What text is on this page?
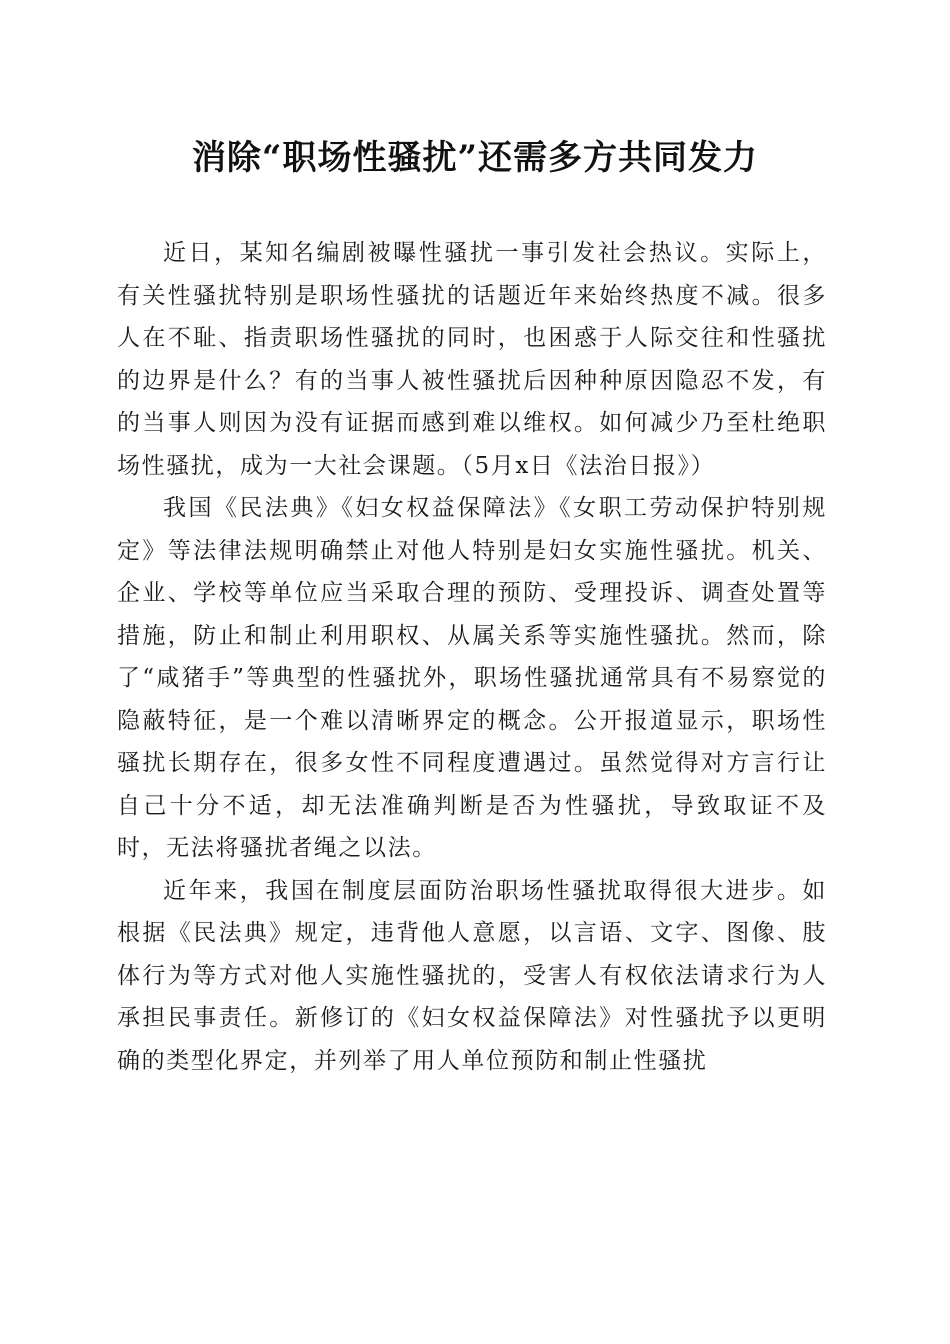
消除“职场性骚扰”还需多方共同发力

近日，某知名编剧被曝性骚扰一事引发社会热议。实际上，有关性骚扰特别是职场性骚扰的话题近年来始终热度不减。很多人在不耻、指责职场性骚扰的同时，也困惑于人际交往和性骚扰的边界是什么？有的当事人被性骚扰后因种种原因隐忍不发，有的当事人则因为没有证据而感到难以维权。如何减少乃至杜绝职场性骚扰，成为一大社会课题。（5月x日《法治日报》）

我国《民法典》《妇女权益保障法》《女职工劳动保护特别规定》等法律法规明确禁止对他人特别是妇女实施性骚扰。机关、企业、学校等单位应当采取合理的预防、受理投诉、调查处置等措施，防止和制止利用职权、从属关系等实施性骚扰。然而，除了“咸猪手”等典型的性骚扰外，职场性骚扰通常具有不易察觉的隐蔽特征，是一个难以清晰界定的概念。公开报道显示，职场性骚扰长期存在，很多女性不同程度遭遇过。虽然觉得对方言行让自己十分不适，却无法准确判断是否为性骚扰，导致取证不及时，无法将骚扰者绳之以法。

近年来，我国在制度层面防治职场性骚扰取得很大进步。如根据《民法典》规定，违背他人意愿，以言语、文字、图像、肢体行为等方式对他人实施性骚扰的，受害人有权依法请求行为人承担民事责任。新修订的《妇女权益保障法》对性骚扰予以更明确的类型化界定，并列举了用人单位预防和制止性骚扰
